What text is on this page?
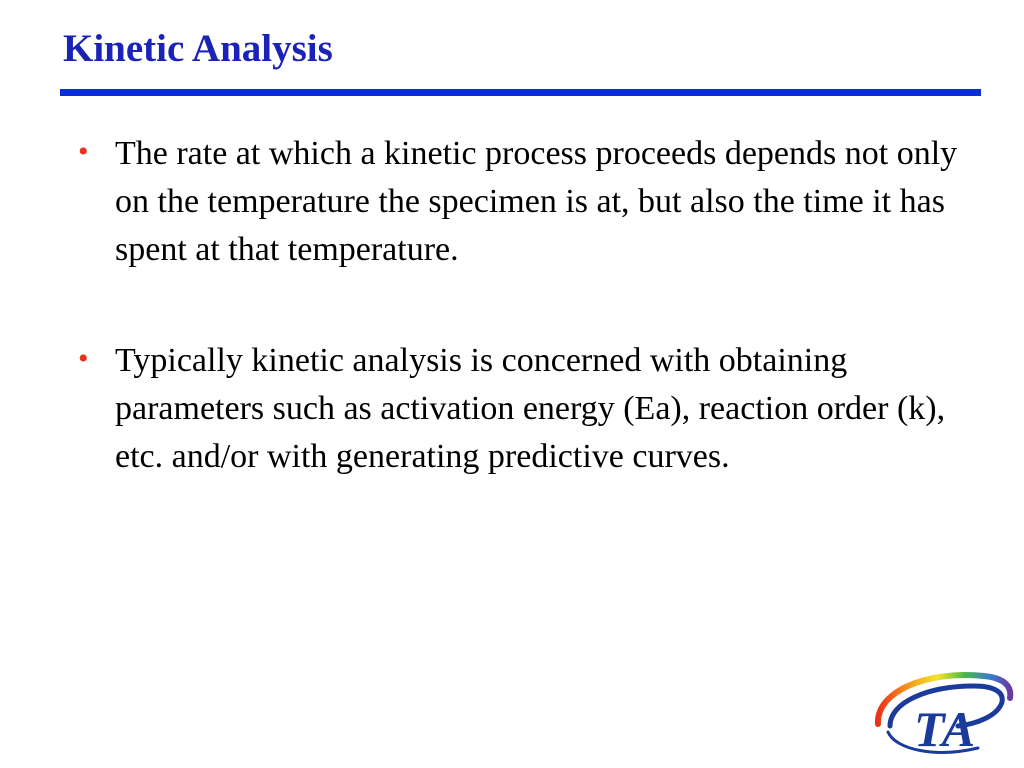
Kinetic Analysis
• The rate at which a kinetic process proceeds depends not only on the temperature the specimen is at, but also the time it has spent at that temperature.
• Typically kinetic analysis is concerned with obtaining parameters such as activation energy (Ea), reaction order (k), etc. and/or with generating predictive curves.
TA
